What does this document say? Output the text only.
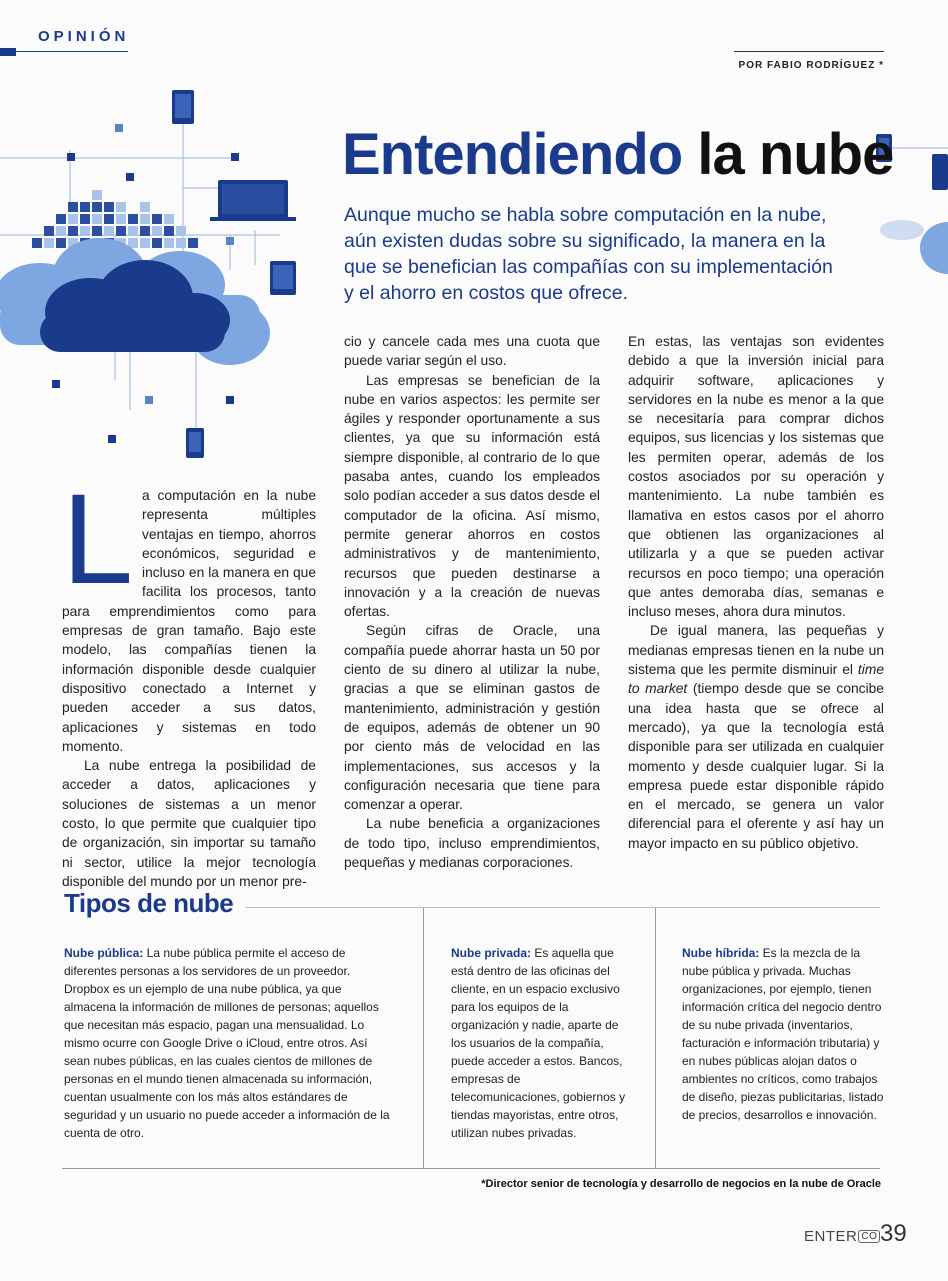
OPINIÓN
POR FABIO RODRÍGUEZ *
Entendiendo la nube
Aunque mucho se habla sobre computación en la nube, aún existen dudas sobre su significado, la manera en la que se benefician las compañías con su implementación y el ahorro en costos que ofrece.
L a computación en la nube representa múltiples ventajas en tiempo, ahorros económicos, seguridad e incluso en la manera en que facilita los procesos, tanto para emprendimientos como para empresas de gran tamaño. Bajo este modelo, las compañías tienen la información disponible desde cualquier dispositivo conectado a Internet y pueden acceder a sus datos, aplicaciones y sistemas en todo momento.

La nube entrega la posibilidad de acceder a datos, aplicaciones y soluciones de sistemas a un menor costo, lo que permite que cualquier tipo de organización, sin importar su tamaño ni sector, utilice la mejor tecnología disponible del mundo por un menor pre-

cio y cancele cada mes una cuota que puede variar según el uso.

Las empresas se benefician de la nube en varios aspectos: les permite ser ágiles y responder oportunamente a sus clientes, ya que su información está siempre disponible, al contrario de lo que pasaba antes, cuando los empleados solo podían acceder a sus datos desde el computador de la oficina. Así mismo, permite generar ahorros en costos administrativos y de mantenimiento, recursos que pueden destinarse a innovación y a la creación de nuevas ofertas.

Según cifras de Oracle, una compañía puede ahorrar hasta un 50 por ciento de su dinero al utilizar la nube, gracias a que se eliminan gastos de mantenimiento, administración y gestión de equipos, además de obtener un 90 por ciento más de velocidad en las implementaciones, sus accesos y la configuración necesaria que tiene para comenzar a operar.

La nube beneficia a organizaciones de todo tipo, incluso emprendimientos, pequeñas y medianas corporaciones.

En estas, las ventajas son evidentes debido a que la inversión inicial para adquirir software, aplicaciones y servidores en la nube es menor a la que se necesitaría para comprar dichos equipos, sus licencias y los sistemas que les permiten operar, además de los costos asociados por su operación y mantenimiento. La nube también es llamativa en estos casos por el ahorro que obtienen las organizaciones al utilizarla y a que se pueden activar recursos en poco tiempo; una operación que antes demoraba días, semanas e incluso meses, ahora dura minutos.

De igual manera, las pequeñas y medianas empresas tienen en la nube un sistema que les permite disminuir el time to market (tiempo desde que se concibe una idea hasta que se ofrece al mercado), ya que la tecnología está disponible para ser utilizada en cualquier momento y desde cualquier lugar. Si la empresa puede estar disponible rápido en el mercado, se genera un valor diferencial para el oferente y así hay un mayor impacto en su público objetivo.

Tipos de nube
Nube pública: La nube pública permite el acceso de diferentes personas a los servidores de un proveedor. Dropbox es un ejemplo de una nube pública, ya que almacena la información de millones de personas; aquellos que necesitan más espacio, pagan una mensualidad. Lo mismo ocurre con Google Drive o iCloud, entre otros. Así sean nubes públicas, en las cuales cientos de millones de personas en el mundo tienen almacenada su información, cuentan usualmente con los más altos estándares de seguridad y un usuario no puede acceder a información de la cuenta de otro.
Nube privada: Es aquella que está dentro de las oficinas del cliente, en un espacio exclusivo para los equipos de la organización y nadie, aparte de los usuarios de la compañía, puede acceder a estos. Bancos, empresas de telecomunicaciones, gobiernos y tiendas mayoristas, entre otros, utilizan nubes privadas.
Nube híbrida: Es la mezcla de la nube pública y privada. Muchas organizaciones, por ejemplo, tienen información crítica del negocio dentro de su nube privada (inventarios, facturación e información tributaria) y en nubes públicas alojan datos o ambientes no críticos, como trabajos de diseño, piezas publicitarias, listado de precios, desarrollos e innovación.
*Director senior de tecnología y desarrollo de negocios en la nube de Oracle
ENTER CO 39
